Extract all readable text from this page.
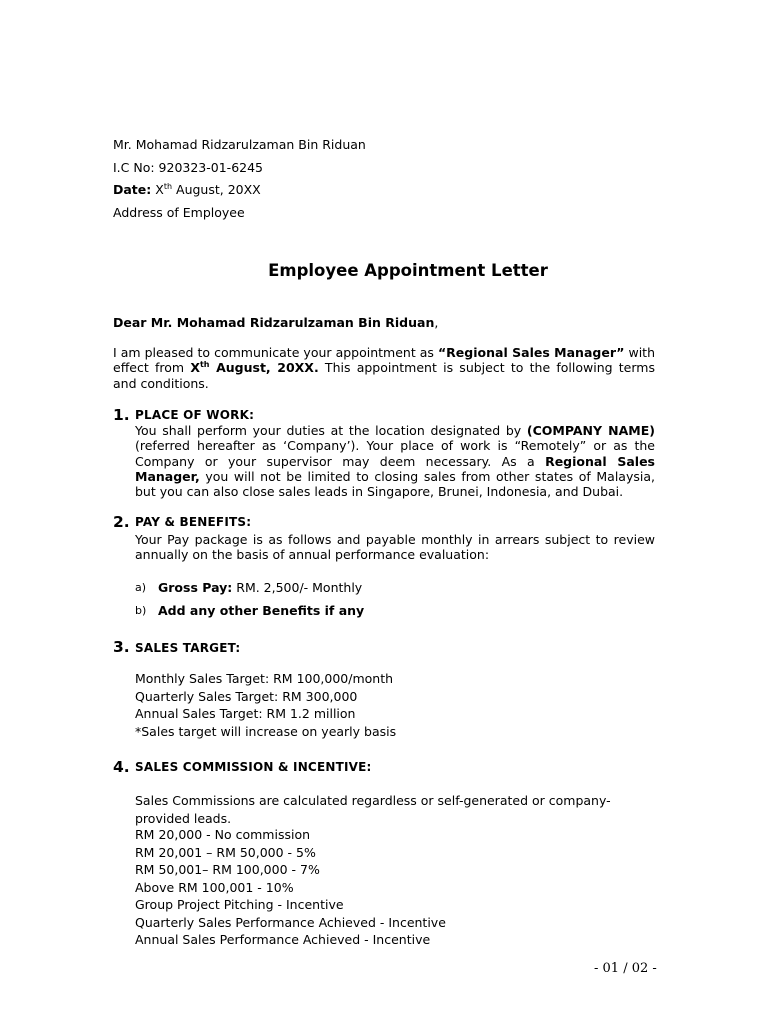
Mr. Mohamad Ridzarulzaman Bin Riduan
I.C No: 920323-01-6245
Date: Xth August, 20XX
Address of Employee
Employee Appointment Letter
Dear Mr. Mohamad Ridzarulzaman Bin Riduan,
I am pleased to communicate your appointment as “Regional Sales Manager” with effect from Xth August, 20XX. This appointment is subject to the following terms and conditions.
1. PLACE OF WORK:
You shall perform your duties at the location designated by (COMPANY NAME) (referred hereafter as ‘Company’). Your place of work is “Remotely” or as the Company or your supervisor may deem necessary. As a Regional Sales Manager, you will not be limited to closing sales from other states of Malaysia, but you can also close sales leads in Singapore, Brunei, Indonesia, and Dubai.
2. PAY & BENEFITS:
Your Pay package is as follows and payable monthly in arrears subject to review annually on the basis of annual performance evaluation:
a) Gross Pay: RM. 2,500/- Monthly
b) Add any other Benefits if any
3. SALES TARGET:
Monthly Sales Target: RM 100,000/month
Quarterly Sales Target: RM 300,000
Annual Sales Target: RM 1.2 million
*Sales target will increase on yearly basis
4. SALES COMMISSION & INCENTIVE:
Sales Commissions are calculated regardless or self-generated or company-provided leads.
RM 20,000 - No commission
RM 20,001 – RM 50,000 - 5%
RM 50,001– RM 100,000 - 7%
Above RM 100,001 - 10%
Group Project Pitching - Incentive
Quarterly Sales Performance Achieved - Incentive
Annual Sales Performance Achieved - Incentive
- 01 / 02 -
